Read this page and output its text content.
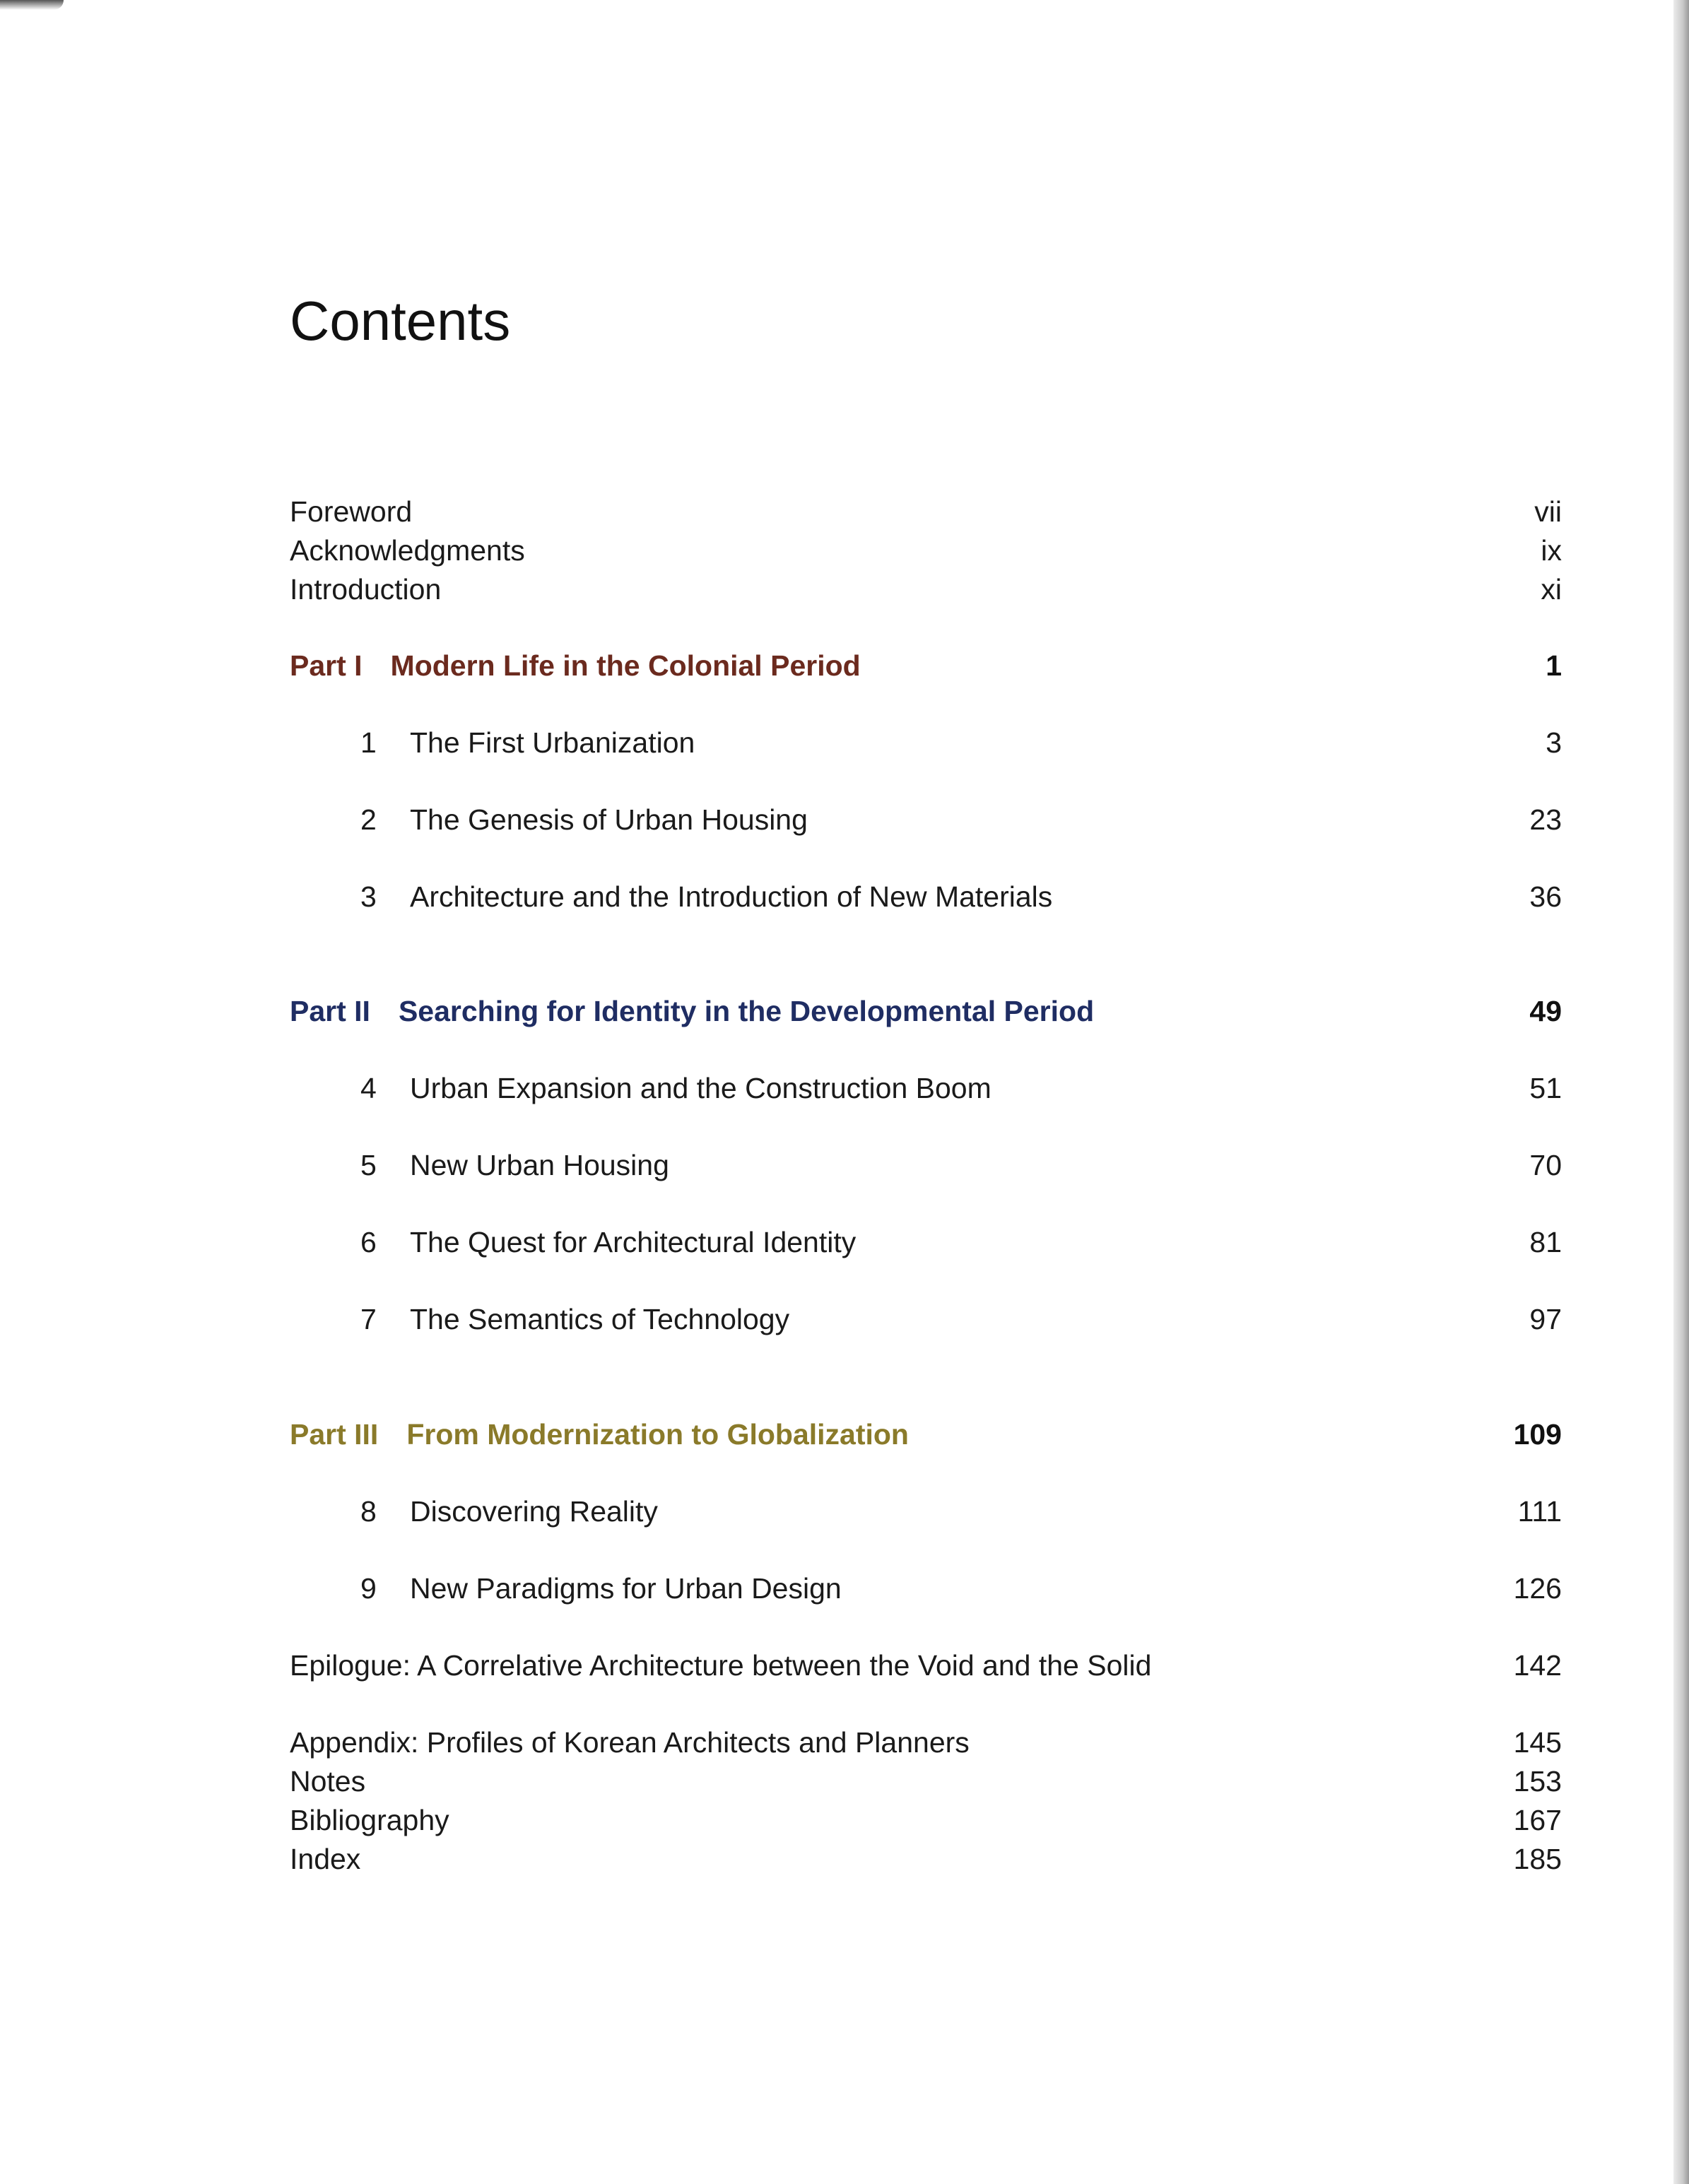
Contents
Foreword	vii
Acknowledgments	ix
Introduction	xi
Part I Modern Life in the Colonial Period	1
1 The First Urbanization	3
2 The Genesis of Urban Housing	23
3 Architecture and the Introduction of New Materials	36
Part II Searching for Identity in the Developmental Period	49
4 Urban Expansion and the Construction Boom	51
5 New Urban Housing	70
6 The Quest for Architectural Identity	81
7 The Semantics of Technology	97
Part III From Modernization to Globalization	109
8 Discovering Reality	111
9 New Paradigms for Urban Design	126
Epilogue: A Correlative Architecture between the Void and the Solid	142
Appendix: Profiles of Korean Architects and Planners	145
Notes	153
Bibliography	167
Index	185
